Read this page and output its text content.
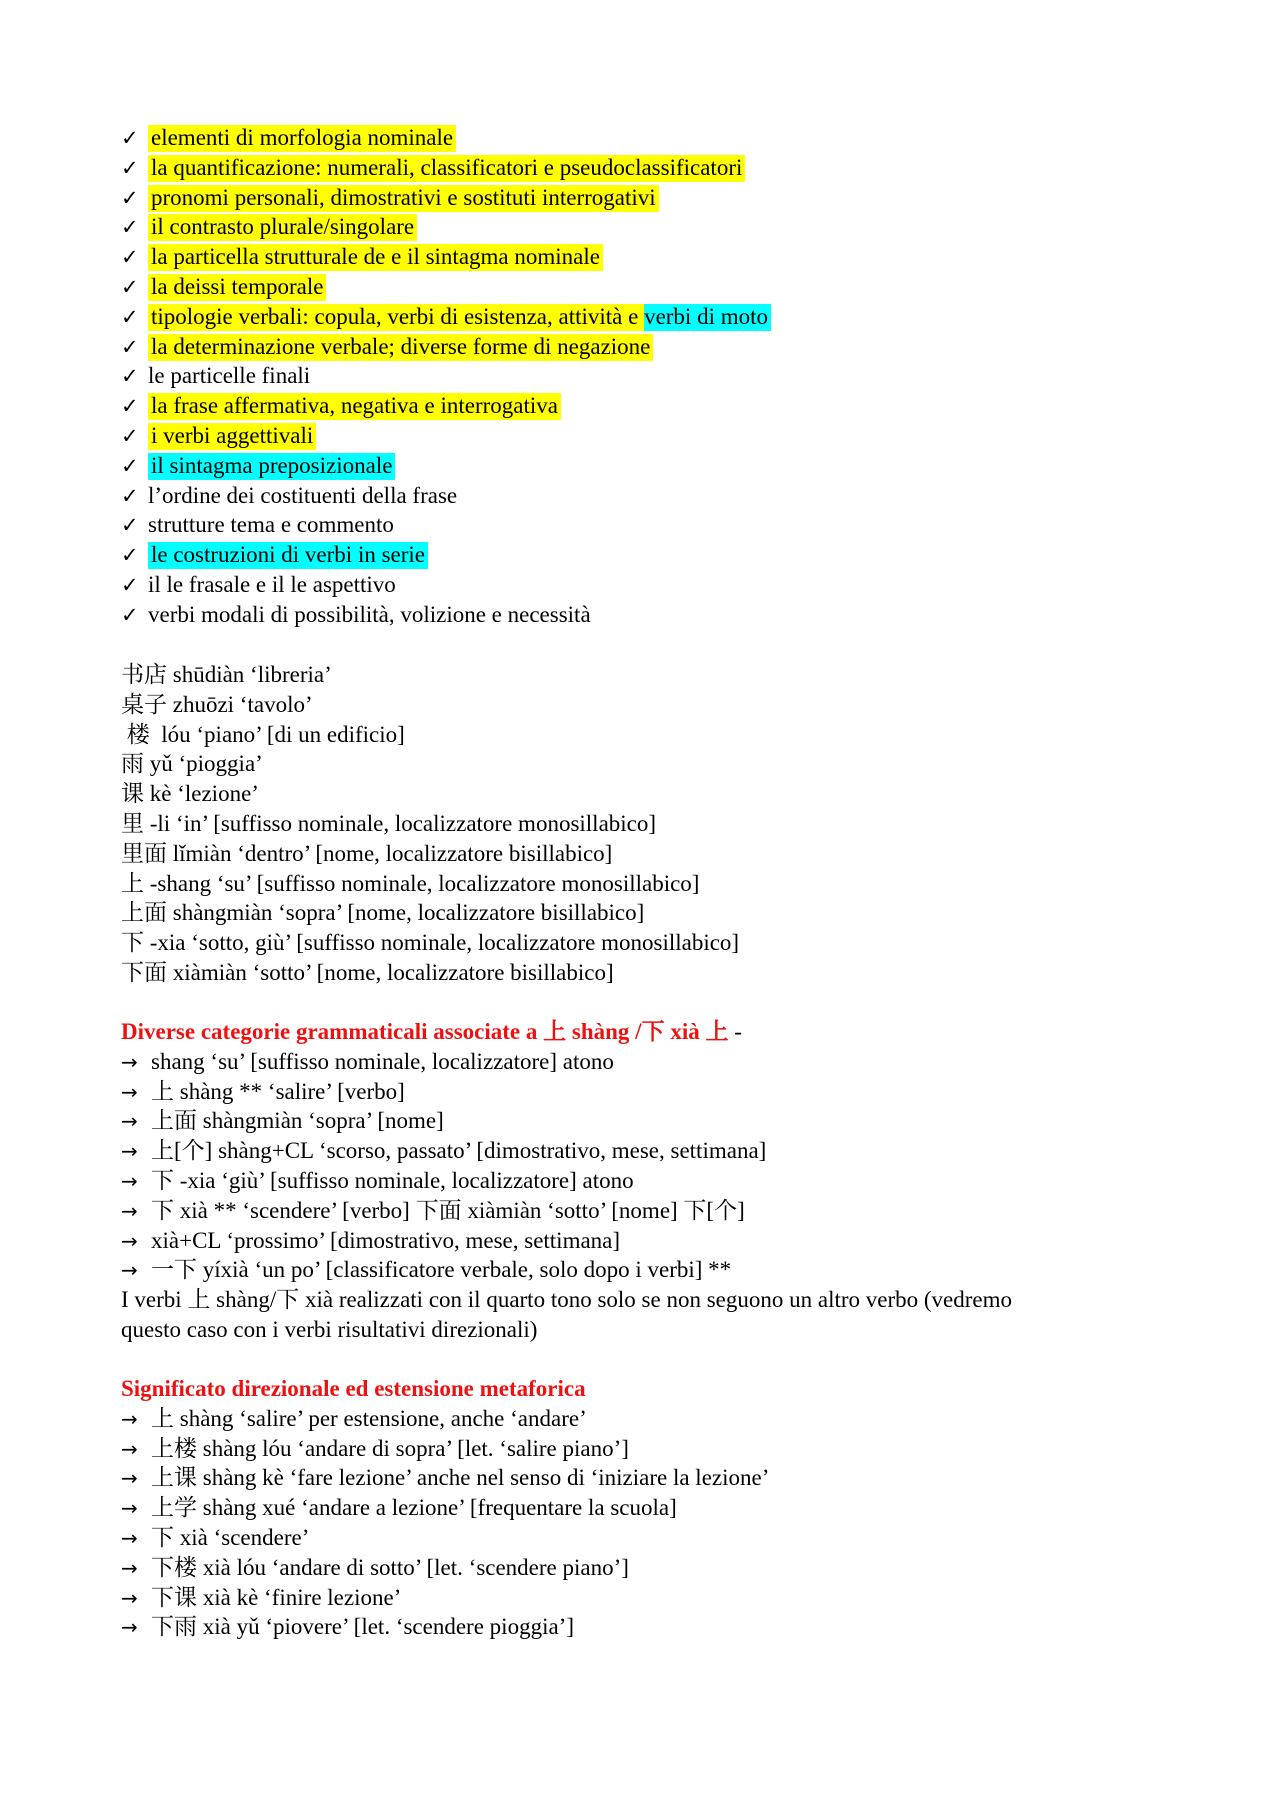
✓ elementi di morfologia nominale
✓ la quantificazione: numerali, classificatori e pseudoclassificatori
✓ pronomi personali, dimostrativi e sostituti interrogativi
✓ il contrasto plurale/singolare
✓ la particella strutturale de e il sintagma nominale
✓ la deissi temporale
✓ tipologie verbali: copula, verbi di esistenza, attività e verbi di moto
✓ la determinazione verbale; diverse forme di negazione
✓ le particelle finali
✓ la frase affermativa, negativa e interrogativa
✓ i verbi aggettivali
✓ il sintagma preposizionale
✓ l’ordine dei costituenti della frase
✓ strutture tema e commento
✓ le costruzioni di verbi in serie
✓ il le frasale e il le aspettivo
✓ verbi modali di possibilità, volizione e necessità
书店 shūdiàn ‘libreria’
桌子 zhuōzi ‘tavolo’
楼  lóu ‘piano’ [di un edificio]
雨 yǔ ‘pioggia’
课 kè ‘lezione’
里 -li ‘in’ [suffisso nominale, localizzatore monosillabico]
里面 lǐmiàn ‘dentro’ [nome, localizzatore bisillabico]
上 -shang ‘su’ [suffisso nominale, localizzatore monosillabico]
上面 shàngmiàn ‘sopra’ [nome, localizzatore bisillabico]
下 -xia ‘sotto, giù’ [suffisso nominale, localizzatore monosillabico]
下面 xiàmiàn ‘sotto’ [nome, localizzatore bisillabico]
Diverse categorie grammaticali associate a 上 shàng /下 xià 上 -
→ shang ‘su’ [suffisso nominale, localizzatore] atono
→ 上 shàng ** ‘salire’ [verbo]
→ 上面 shàngmiàn ‘sopra’ [nome]
→ 上[个] shàng+CL ‘scorso, passato’ [dimostrativo, mese, settimana]
→ 下 -xia ‘giù’ [suffisso nominale, localizzatore] atono
→ 下 xià ** ‘scendere’ [verbo] 下面 xiàmiàn ‘sotto’ [nome] 下[个]
→ xià+CL ‘prossimo’ [dimostrativo, mese, settimana]
→ 一下 yíxià ‘un po’ [classificatore verbale, solo dopo i verbi] **
I verbi 上 shàng/下 xià realizzati con il quarto tono solo se non seguono un altro verbo (vedremo
questo caso con i verbi risultativi direzionali)
Significato direzionale ed estensione metaforica
→ 上 shàng ‘salire’ per estensione, anche ‘andare’
→ 上楼 shàng lóu ‘andare di sopra’ [let. ‘salire piano’]
→ 上课 shàng kè ‘fare lezione’ anche nel senso di ‘iniziare la lezione’
→ 上学 shàng xué ‘andare a lezione’ [frequentare la scuola]
→ 下 xià ‘scendere’
→ 下楼 xià lóu ‘andare di sotto’ [let. ‘scendere piano’]
→ 下课 xià kè ‘finire lezione’
→ 下雨 xià yǔ ‘piovere’ [let. ‘scendere pioggia’]
